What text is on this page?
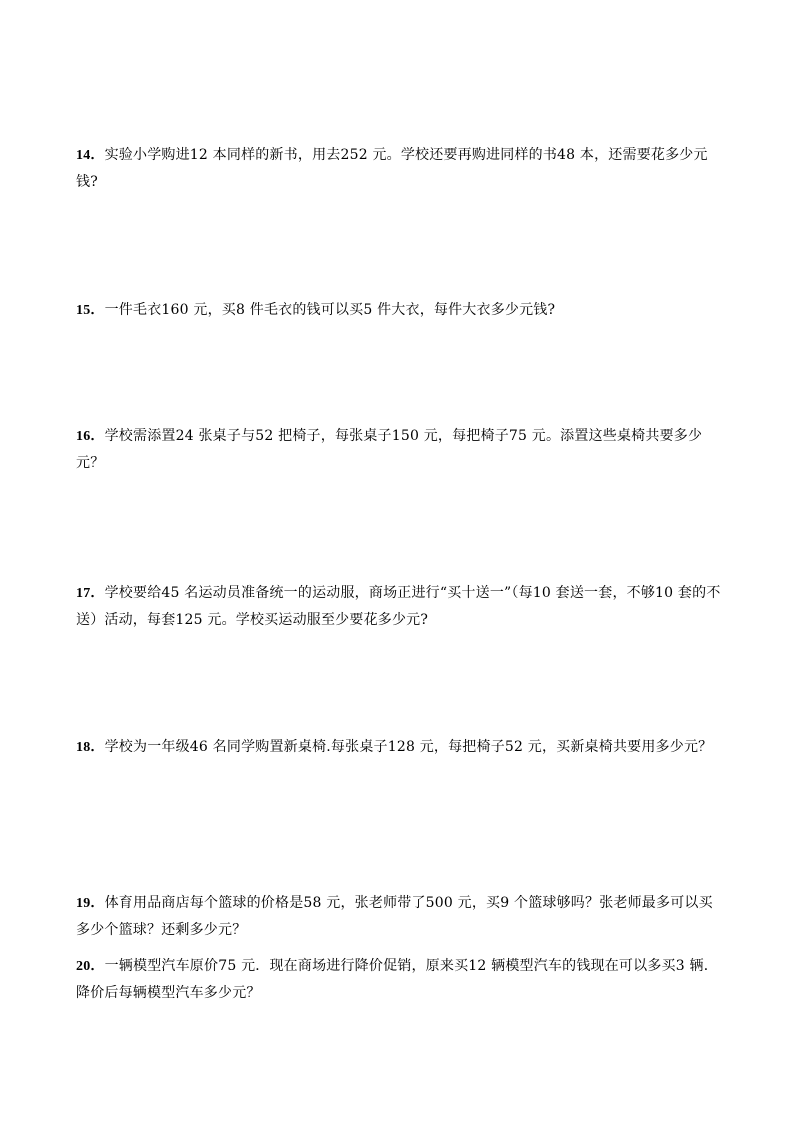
14．实验小学购进12 本同样的新书，用去252 元。学校还要再购进同样的书48 本，还需要花多少元钱?
15．一件毛衣160 元，买8 件毛衣的钱可以买5 件大衣，每件大衣多少元钱?
16．学校需添置24 张桌子与52 把椅子，每张桌子150 元，每把椅子75 元。添置这些桌椅共要多少元？
17．学校要给45 名运动员准备统一的运动服，商场正进行“买十送一”（每10 套送一套，不够10 套的不送）活动，每套125 元。学校买运动服至少要花多少元?
18．学校为一年级46 名同学购置新桌椅.每张桌子128 元，每把椅子52 元，买新桌椅共要用多少元？
19．体育用品商店每个篮球的价格是58 元，张老师带了500 元，买9 个篮球够吗？张老师最多可以买多少个篮球？还剩多少元？
20．一辆模型汽车原价75 元．现在商场进行降价促销，原来买12 辆模型汽车的钱现在可以多买3 辆．降价后每辆模型汽车多少元？
